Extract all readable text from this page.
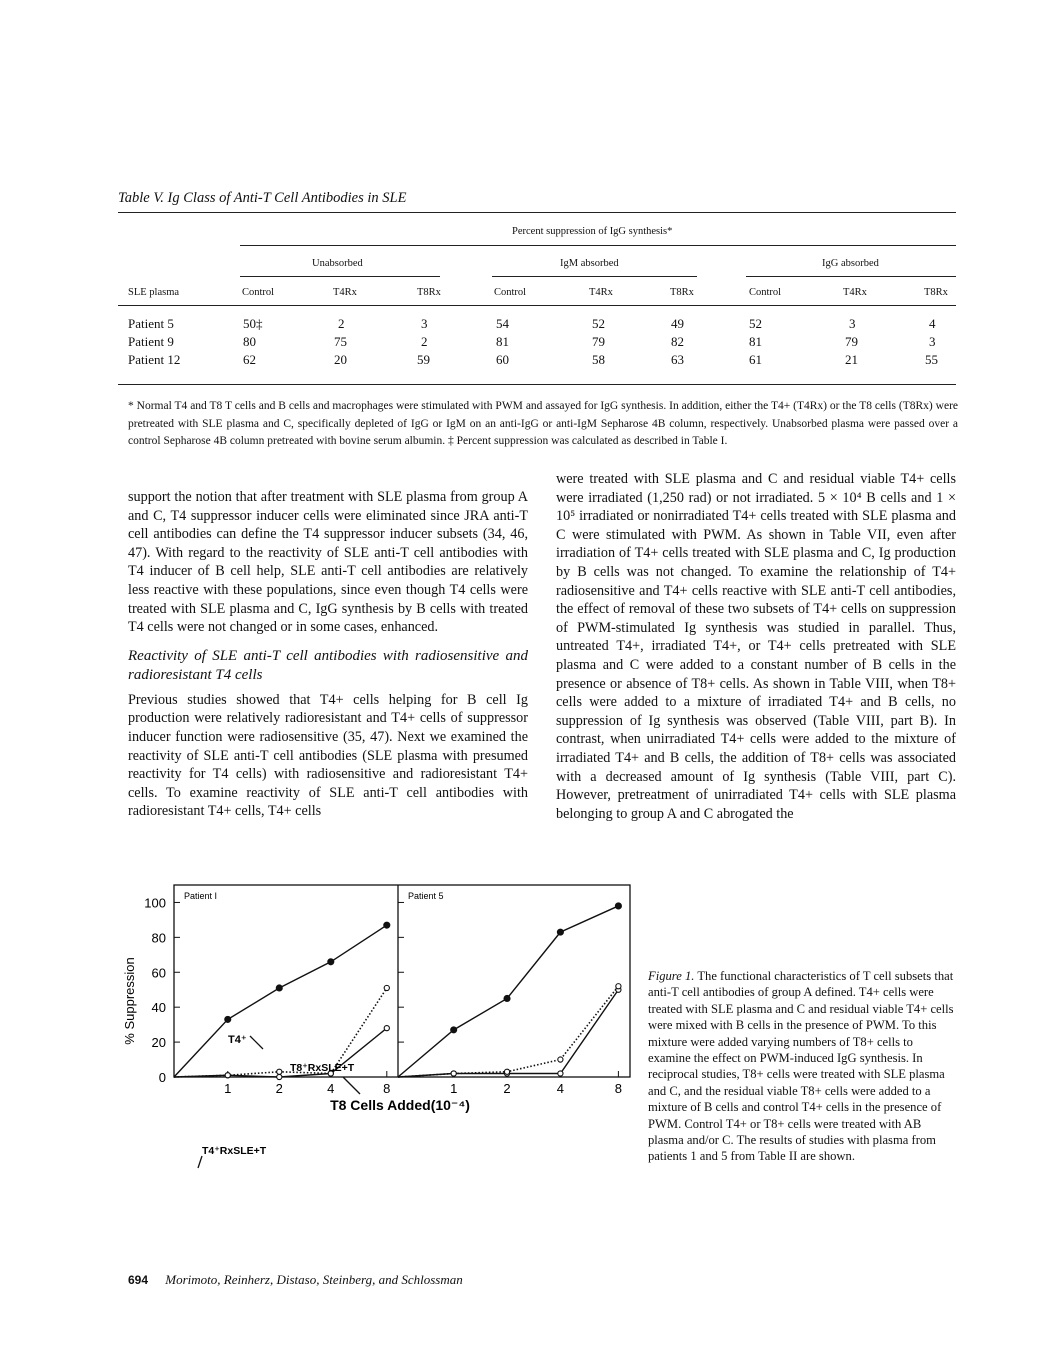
Table V. Ig Class of Anti-T Cell Antibodies in SLE
Percent suppression of IgG synthesis*
Unabsorbed	IgM absorbed	IgG absorbed
SLE plasma	Control	T4Rx	T8Rx	Control	T4Rx	T8Rx	Control	T4Rx	T8Rx
Patient 5	50‡	2	3	54	52	49	52	3	4
Patient 9	80	75	2	81	79	82	81	79	3
Patient 12	62	20	59	60	58	63	61	21	55
* Normal T4 and T8 T cells and B cells and macrophages were stimulated with PWM and assayed for IgG synthesis. In addition, either the T4+ (T4Rx) or the T8 cells (T8Rx) were pretreated with SLE plasma and C, specifically depleted of IgG or IgM on an anti-IgG or anti-IgM Sepharose 4B column, respectively. Unabsorbed plasma were passed over a control Sepharose 4B column pretreated with bovine serum albumin. ‡ Percent suppression was calculated as described in Table I.

support the notion that after treatment with SLE plasma from group A and C, T4 suppressor inducer cells were eliminated since JRA anti-T cell antibodies can define the T4 suppressor inducer subsets (34, 46, 47). With regard to the reactivity of SLE anti-T cell antibodies with T4 inducer of B cell help, SLE anti-T cell antibodies are relatively less reactive with these populations, since even though T4 cells were treated with SLE plasma and C, IgG synthesis by B cells with treated T4 cells were not changed or in some cases, enhanced.

Reactivity of SLE anti-T cell antibodies with radiosensitive and radioresistant T4 cells

Previous studies showed that T4+ cells helping for B cell Ig production were relatively radioresistant and T4+ cells of suppressor inducer function were radiosensitive (35, 47). Next we examined the reactivity of SLE anti-T cell antibodies (SLE plasma with presumed reactivity for T4 cells) with radiosensitive and radioresistant T4+ cells. To examine reactivity of SLE anti-T cell antibodies with radioresistant T4+ cells, T4+ cells

were treated with SLE plasma and C and residual viable T4+ cells were irradiated (1,250 rad) or not irradiated. 5 × 10⁴ B cells and 1 × 10⁵ irradiated or nonirradiated T4+ cells treated with SLE plasma and C were stimulated with PWM. As shown in Table VII, even after irradiation of T4+ cells treated with SLE plasma and C, Ig production by B cells was not changed. To examine the relationship of T4+ radiosensitive and T4+ cells reactive with SLE anti-T cell antibodies, the effect of removal of these two subsets of T4+ cells on suppression of PWM-stimulated Ig synthesis was studied in parallel. Thus, untreated T4+, irradiated T4+, or T4+ cells pretreated with SLE plasma and C were added to a constant number of B cells in the presence or absence of T8+ cells. As shown in Table VIII, when T8+ cells were added to a mixture of irradiated T4+ and B cells, no suppression of Ig synthesis was observed (Table VIII, part B). In contrast, when unirradiated T4+ cells were added to the mixture of irradiated T4+ and B cells, the addition of T8+ cells was associated with a decreased amount of Ig synthesis (Table VIII, part C). However, pretreatment of unirradiated T4+ cells with SLE plasma belonging to group A and C abrogated the

0
20
40
60
80
100
% Suppression
1	2	4	8
Patient I
1	2	4	8
Patient 5
T4⁺
T8⁺RxSLE+T
T4⁺RxSLE+T
T8 Cells Added(10⁻⁴)
Figure 1. The functional characteristics of T cell subsets that anti-T cell antibodies of group A defined. T4+ cells were treated with SLE plasma and C and residual viable T4+ cells were mixed with B cells in the presence of PWM. To this mixture were added varying numbers of T8+ cells to examine the effect on PWM-induced IgG synthesis. In reciprocal studies, T8+ cells were treated with SLE plasma and C, and the residual viable T8+ cells were added to a mixture of B cells and control T4+ cells in the presence of PWM. Control T4+ or T8+ cells were treated with AB plasma and/or C. The results of studies with plasma from patients 1 and 5 from Table II are shown.
694 Morimoto, Reinherz, Distaso, Steinberg, and Schlossman
